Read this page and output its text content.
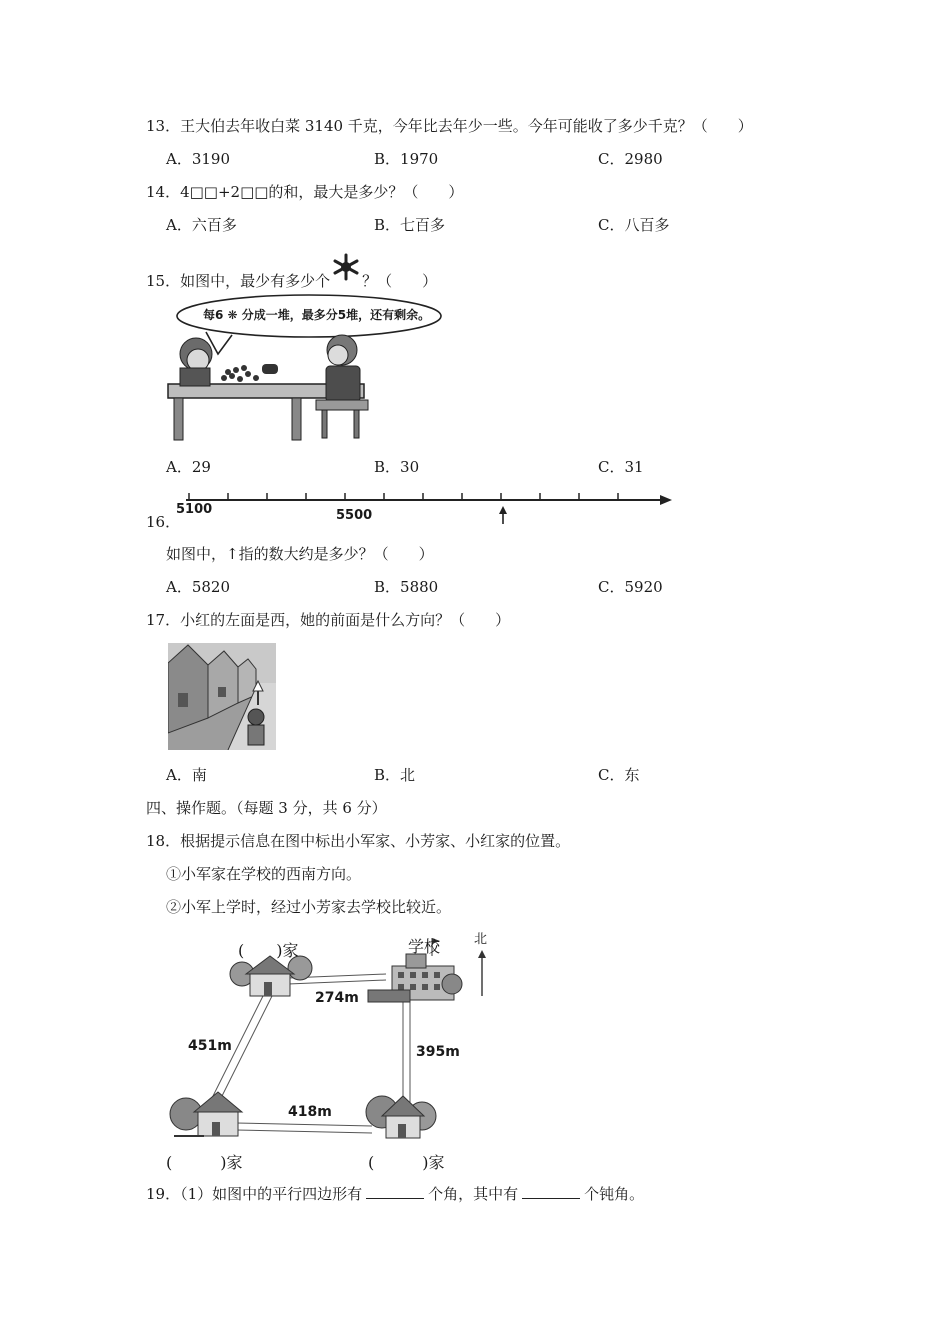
13．王大伯去年收白菜 3140 千克，今年比去年少一些。今年可能收了多少千克？（　　）
A．3190	B．1970	C．2980
14．4□□+2□□的和，最大是多少？（　　）
A．六百多	B．七百多	C．八百多
15．如图中，最少有多少个 ？（　　）
每6 ❋ 分成一堆，最多分5堆，还有剩余。
A．29	B．30	C．31
5100	5500
16．
如图中，↑指的数大约是多少？（　　）
A．5820	B．5880	C．5920
17．小红的左面是西，她的前面是什么方向？（　　）
A．南	B．北	C．东
四、操作题。（每题 3 分，共 6 分）
18．根据提示信息在图中标出小军家、小芳家、小红家的位置。
①小军家在学校的西南方向。
②小军上学时，经过小芳家去学校比较近。
(　　)家	学校	北
274m
451m	395m
418m
(　　　)家	(　　　)家
19．（1）如图中的平行四边形有	个角，其中有	个钝角。
